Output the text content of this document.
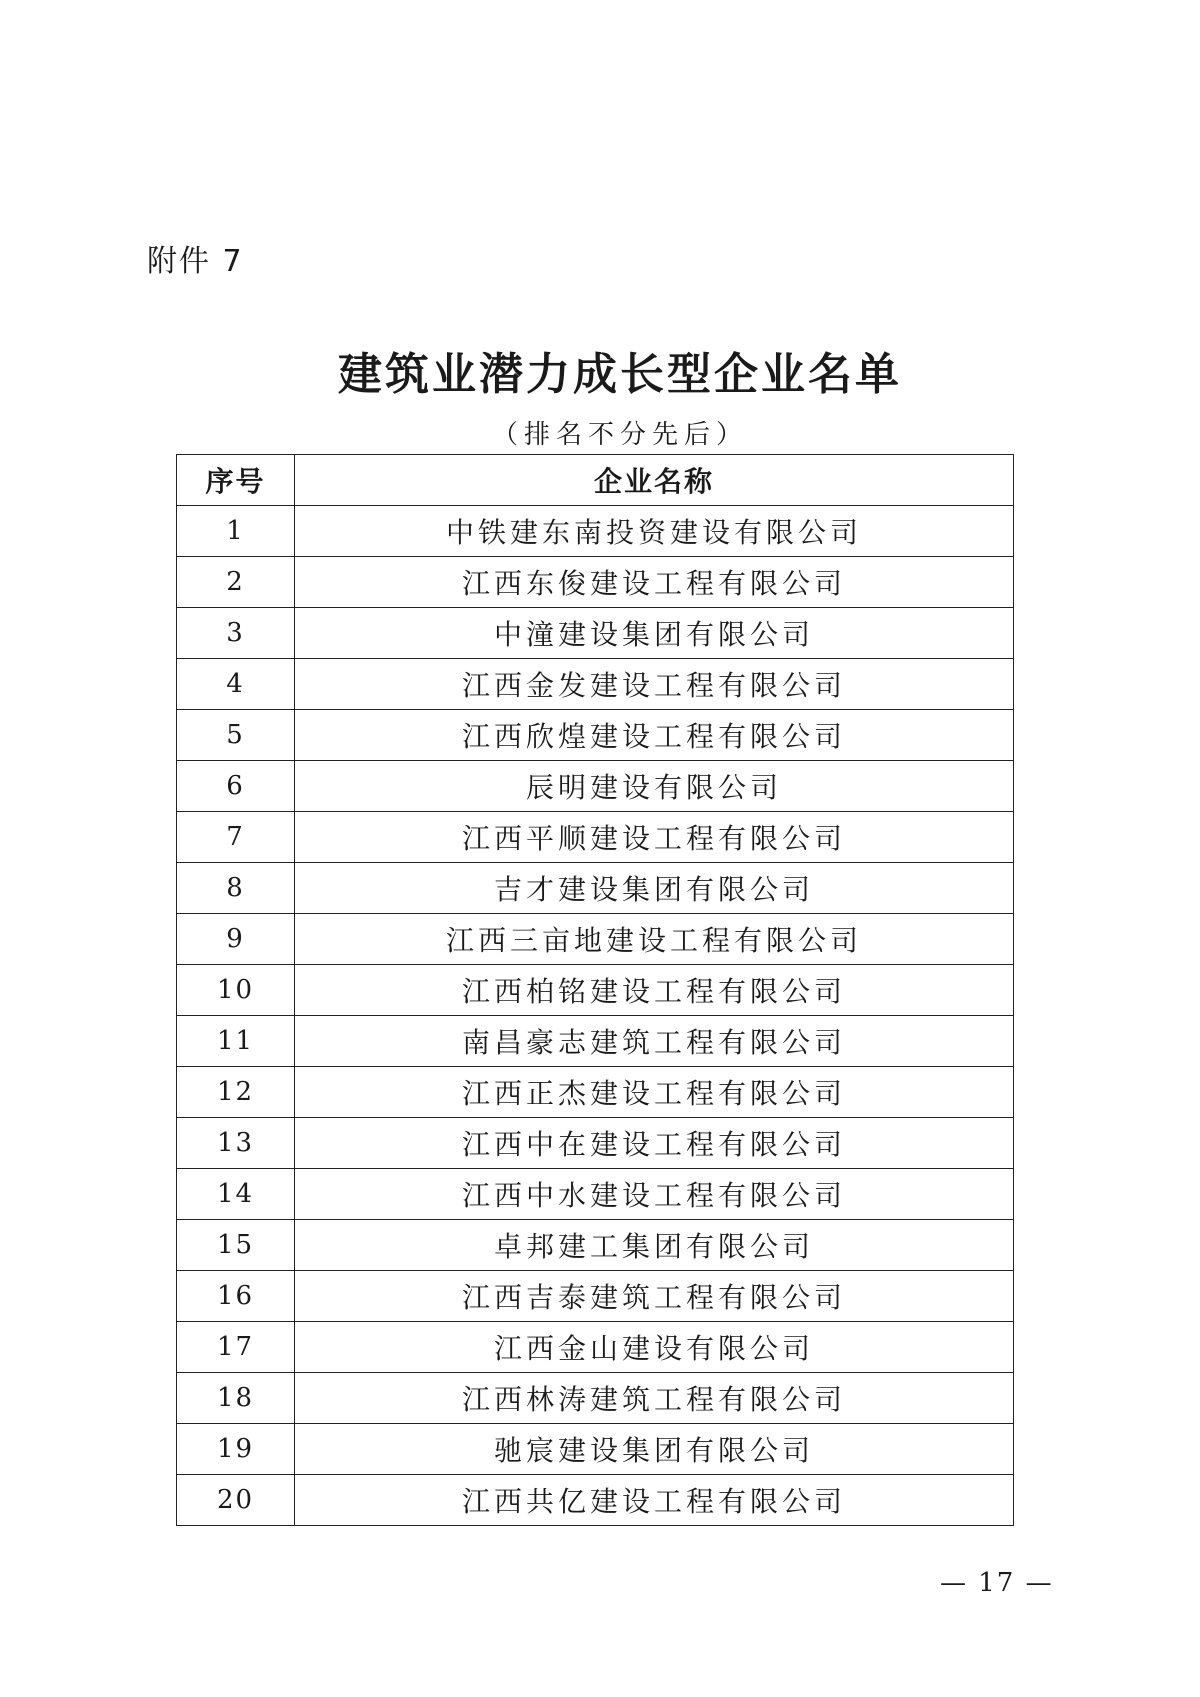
附件 7
建筑业潜力成长型企业名单
（排名不分先后）
序号	企业名称
1	中铁建东南投资建设有限公司
2	江西东俊建设工程有限公司
3	中潼建设集团有限公司
4	江西金发建设工程有限公司
5	江西欣煌建设工程有限公司
6	辰明建设有限公司
7	江西平顺建设工程有限公司
8	吉才建设集团有限公司
9	江西三亩地建设工程有限公司
10	江西柏铭建设工程有限公司
11	南昌豪志建筑工程有限公司
12	江西正杰建设工程有限公司
13	江西中在建设工程有限公司
14	江西中水建设工程有限公司
15	卓邦建工集团有限公司
16	江西吉泰建筑工程有限公司
17	江西金山建设有限公司
18	江西林涛建筑工程有限公司
19	驰宸建设集团有限公司
20	江西共亿建设工程有限公司
— 17 —
